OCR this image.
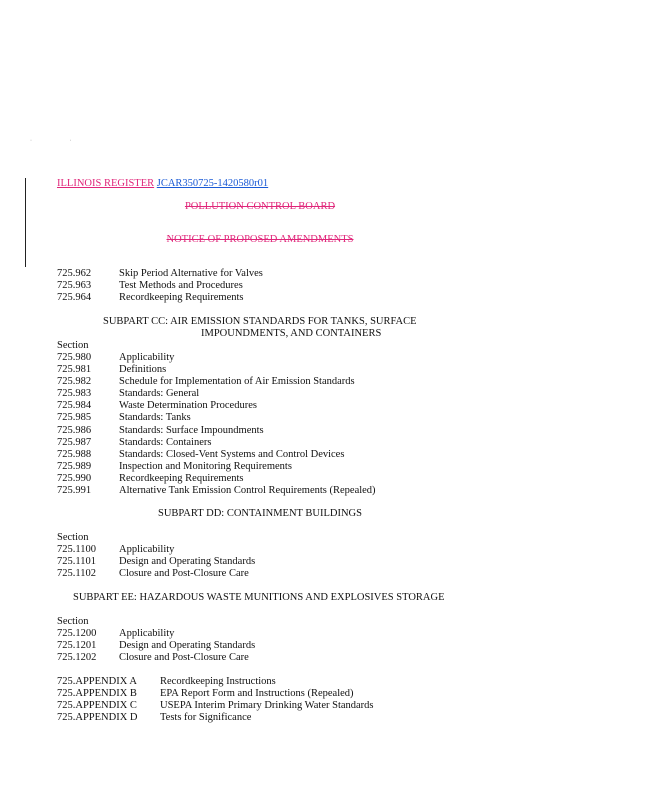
· ·
ILLINOIS REGISTER JCAR350725-1420580r01
POLLUTION CONTROL BOARD
NOTICE OF PROPOSED AMENDMENTS
725.962	Skip Period Alternative for Valves
725.963	Test Methods and Procedures
725.964	Recordkeeping Requirements
SUBPART CC: AIR EMISSION STANDARDS FOR TANKS, SURFACE
IMPOUNDMENTS, AND CONTAINERS
Section
725.980	Applicability
725.981	Definitions
725.982	Schedule for Implementation of Air Emission Standards
725.983	Standards: General
725.984	Waste Determination Procedures
725.985	Standards: Tanks
725.986	Standards: Surface Impoundments
725.987	Standards: Containers
725.988	Standards: Closed-Vent Systems and Control Devices
725.989	Inspection and Monitoring Requirements
725.990	Recordkeeping Requirements
725.991	Alternative Tank Emission Control Requirements (Repealed)
SUBPART DD: CONTAINMENT BUILDINGS
Section
725.1100	Applicability
725.1101	Design and Operating Standards
725.1102	Closure and Post-Closure Care
SUBPART EE: HAZARDOUS WASTE MUNITIONS AND EXPLOSIVES STORAGE
Section
725.1200	Applicability
725.1201	Design and Operating Standards
725.1202	Closure and Post-Closure Care
725.APPENDIX A	Recordkeeping Instructions
725.APPENDIX B	EPA Report Form and Instructions (Repealed)
725.APPENDIX C	USEPA Interim Primary Drinking Water Standards
725.APPENDIX D	Tests for Significance
